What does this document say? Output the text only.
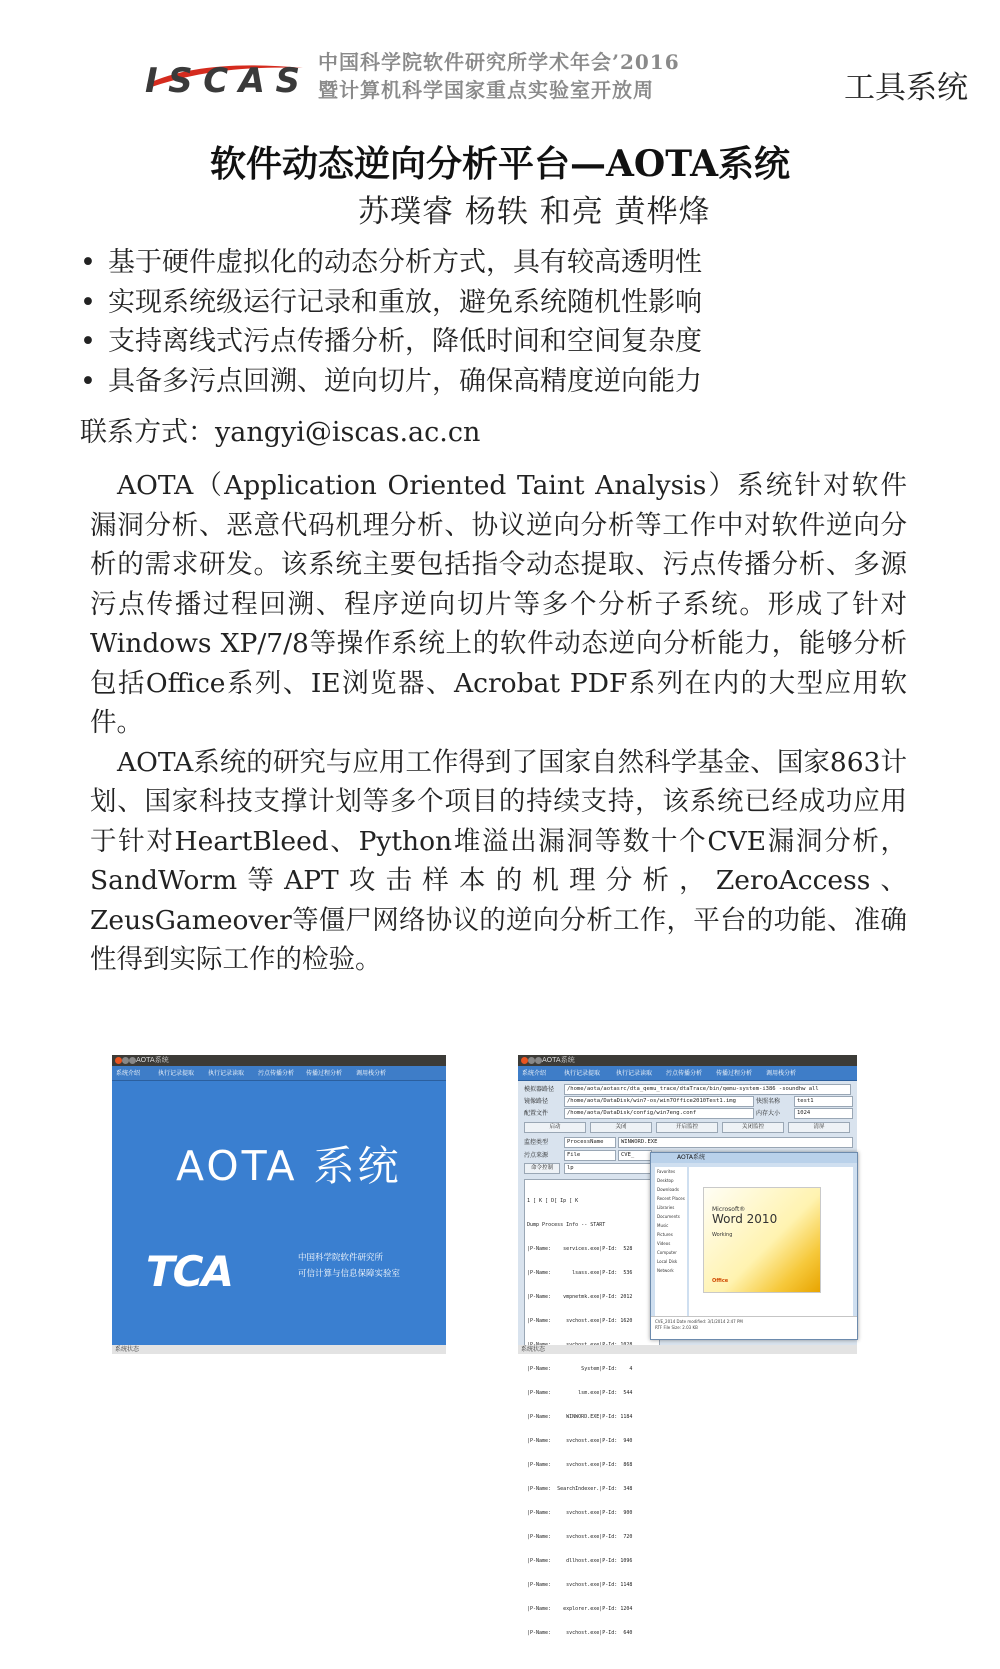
ISCAS 中国科学院软件研究所学术年会’2016
暨计算机科学国家重点实验室开放周	工具系统
软件动态逆向分析平台—AOTA系统
苏璞睿 杨轶 和亮 黄桦烽
• 基于硬件虚拟化的动态分析方式，具有较高透明性
• 实现系统级运行记录和重放，避免系统随机性影响
• 支持离线式污点传播分析，降低时间和空间复杂度
• 具备多污点回溯、逆向切片，确保高精度逆向能力
联系方式：yangyi@iscas.ac.cn

AOTA（Application Oriented Taint Analysis）系统针对软件漏洞分析、恶意代码机理分析、协议逆向分析等工作中对软件逆向分析的需求研发。该系统主要包括指令动态提取、污点传播分析、多源污点传播过程回溯、程序逆向切片等多个分析子系统。形成了针对Windows XP/7/8等操作系统上的软件动态逆向分析能力，能够分析包括Office系列、IE浏览器、Acrobat PDF系列在内的大型应用软件。

AOTA系统的研究与应用工作得到了国家自然科学基金、国家863计划、国家科技支撑计划等多个项目的持续支持，该系统已经成功应用于针对HeartBleed、Python堆溢出漏洞等数十个CVE漏洞分析，SandWorm等APT攻击样本的机理分析，ZeroAccess、ZeusGameover等僵尸网络协议的逆向分析工作，平台的功能、准确性得到实际工作的检验。

AOTA系统
系统介绍	执行记录提取 执行记录读取 污点传播分析 传播过程分析 调用栈分析
AOTA 系统
TCA	中国科学院软件研究所
可信计算与信息保障实验室
系统状态
AOTA系统
系统介绍	执行记录提取	执行记录读取 污点传播分析 传播过程分析 调用栈分析
模拟器路径	/home/aota/aotasrc/dta_qemu_trace/dtaTrace/bin/qemu-system-i386 -soundhw all
镜像路径	/home/aota/DataDisk/win7-os/win7Office2010Test1.img	快照名称	test1
配置文件	/home/aota/DataDisk/config/win7eng.conf	内存大小	1024
启动	关闭	开启监控	关闭监控	清屏
监控类型	ProcessName	WINWORD.EXE
污点来源	File	CVE_
命令控制	lp

1 [ K [ D[ Ip [ K

Dump Process Info -- START

|P-Name:    services.exe|P-Id:  528

|P-Name:       lsass.exe|P-Id:  536

|P-Name:    vmpnetmk.exe|P-Id: 2012

|P-Name:     svchost.exe|P-Id: 1620

|P-Name:          System|P-Id:    4

|P-Name:         lsm.exe|P-Id:  544

|P-Name:     WINWORD.EXE|P-Id: 1184

|P-Name:     svchost.exe|P-Id:  940

|P-Name:     svchost.exe|P-Id:  868

|P-Name:  SearchIndexer.|P-Id:  348

|P-Name:     svchost.exe|P-Id:  900

|P-Name:     svchost.exe|P-Id:  720

|P-Name:     dllhost.exe|P-Id: 1096

|P-Name:     svchost.exe|P-Id: 1148

|P-Name:    explorer.exe|P-Id: 1204

|P-Name:     svchost.exe|P-Id:  640

AOTA系统
Favorites
Desktop
Downloads
Recent Places
Libraries
Documents
Music
Pictures
Videos
Computer
Local Disk
Network
Microsoft®
Word 2010
Working
Office
CVE_2014 Date modified: 3/1/2014 2:47 PM
RTF File Size: 2.03 KB
系统状态
